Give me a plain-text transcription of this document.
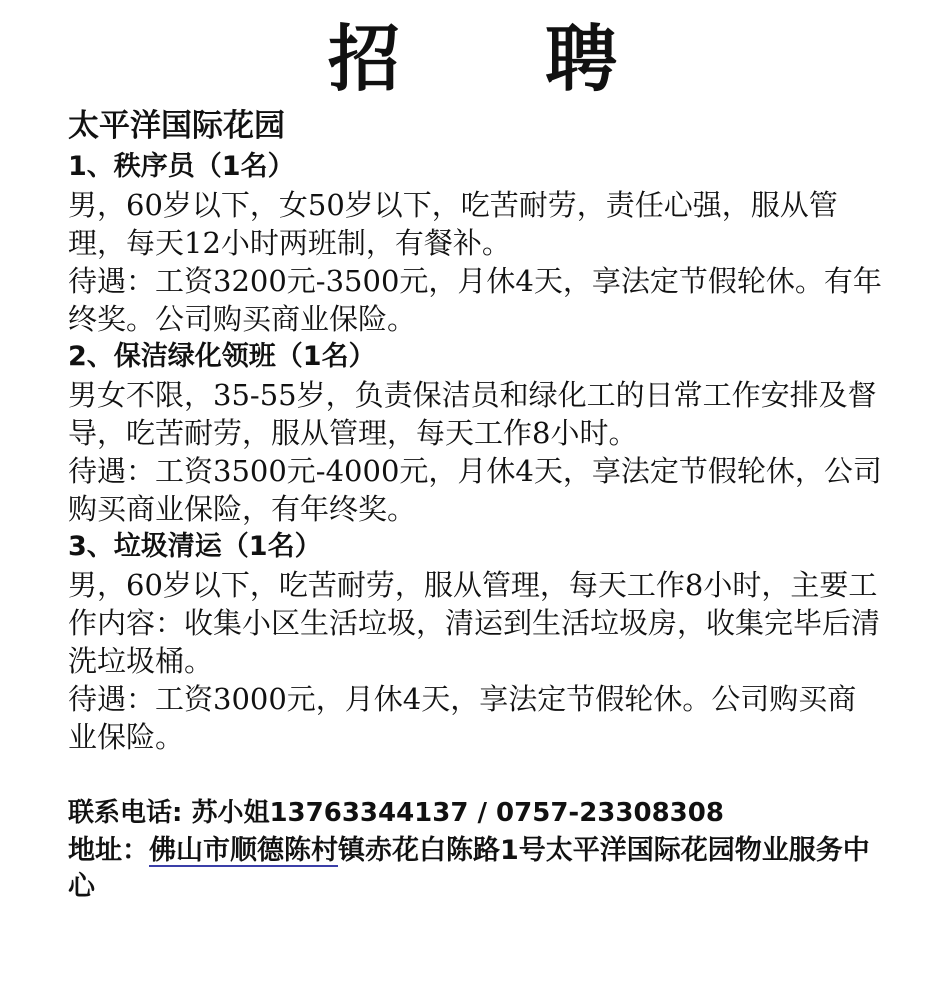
招 聘
太平洋国际花园
1、秩序员（1名）

男，60岁以下，女50岁以下，吃苦耐劳，责任心强，服从管理，每天12小时两班制，有餐补。

待遇：工资3200元-3500元，月休4天，享法定节假轮休。有年终奖。公司购买商业保险。

2、保洁绿化领班（1名）

男女不限，35-55岁，负责保洁员和绿化工的日常工作安排及督导，吃苦耐劳，服从管理，每天工作8小时。

待遇：工资3500元-4000元，月休4天，享法定节假轮休，公司购买商业保险，有年终奖。

3、垃圾清运（1名）

男，60岁以下，吃苦耐劳，服从管理，每天工作8小时，主要工作内容：收集小区生活垃圾，清运到生活垃圾房，收集完毕后清洗垃圾桶。

待遇：工资3000元，月休4天，享法定节假轮休。公司购买商业保险。

联系电话: 苏小姐13763344137 / 0757-23308308
地址：佛山市顺德陈村镇赤花白陈路1号太平洋国际花园物业服务中心
